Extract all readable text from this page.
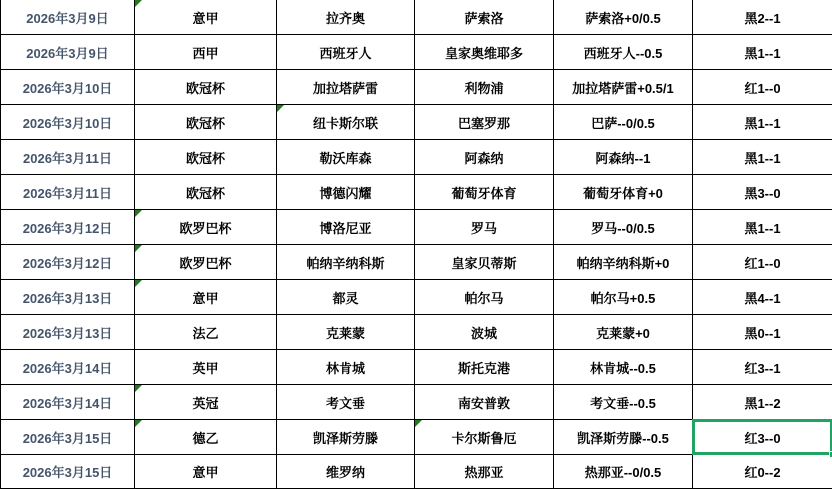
2026年3月9日	意甲	拉齐奥	萨索洛	萨索洛+0/0.5	黑2--1
2026年3月9日	西甲	西班牙人	皇家奥维耶多	西班牙人--0.5	黑1--1
2026年3月10日	欧冠杯	加拉塔萨雷	利物浦	加拉塔萨雷+0.5/1	红1--0
2026年3月10日	欧冠杯	纽卡斯尔联	巴塞罗那	巴萨--0/0.5	黑1--1
2026年3月11日	欧冠杯	勒沃库森	阿森纳	阿森纳--1	黑1--1
2026年3月11日	欧冠杯	博德闪耀	葡萄牙体育	葡萄牙体育+0	黑3--0
2026年3月12日	欧罗巴杯	博洛尼亚	罗马	罗马--0/0.5	黑1--1
2026年3月12日	欧罗巴杯	帕纳辛纳科斯	皇家贝蒂斯	帕纳辛纳科斯+0	红1--0
2026年3月13日	意甲	都灵	帕尔马	帕尔马+0.5	黑4--1
2026年3月13日	法乙	克莱蒙	波城	克莱蒙+0	黑0--1
2026年3月14日	英甲	林肯城	斯托克港	林肯城--0.5	红3--1
2026年3月14日	英冠	考文垂	南安普敦	考文垂--0.5	黑1--2
2026年3月15日	德乙	凯泽斯劳滕	卡尔斯鲁厄	凯泽斯劳滕--0.5	红3--0
2026年3月15日	意甲	维罗纳	热那亚	热那亚--0/0.5	红0--2
